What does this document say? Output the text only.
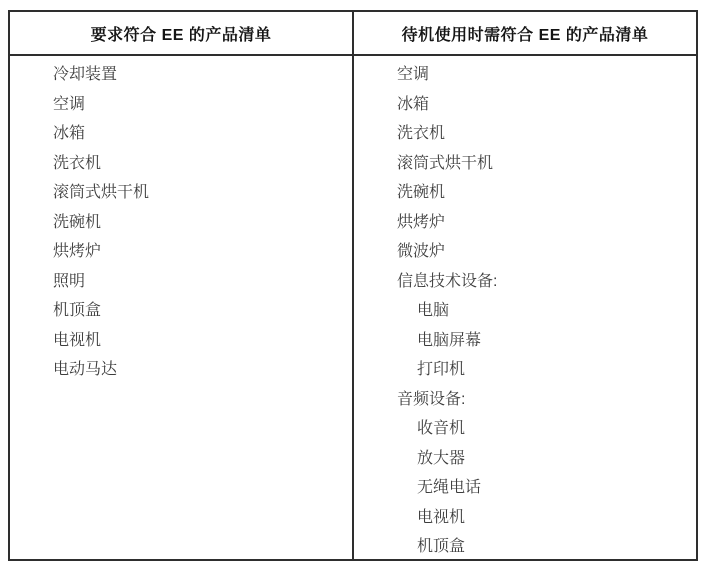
要求符合 EE 的产品清单	待机使用时需符合 EE 的产品清单
冷却装置
空调
冰箱
洗衣机
滚筒式烘干机
洗碗机
烘烤炉
照明
机顶盒
电视机
电动马达
空调
冰箱
洗衣机
滚筒式烘干机
洗碗机
烘烤炉
微波炉
信息技术设备:
电脑
电脑屏幕
打印机
音频设备:
收音机
放大器
无绳电话
电视机
机顶盒
